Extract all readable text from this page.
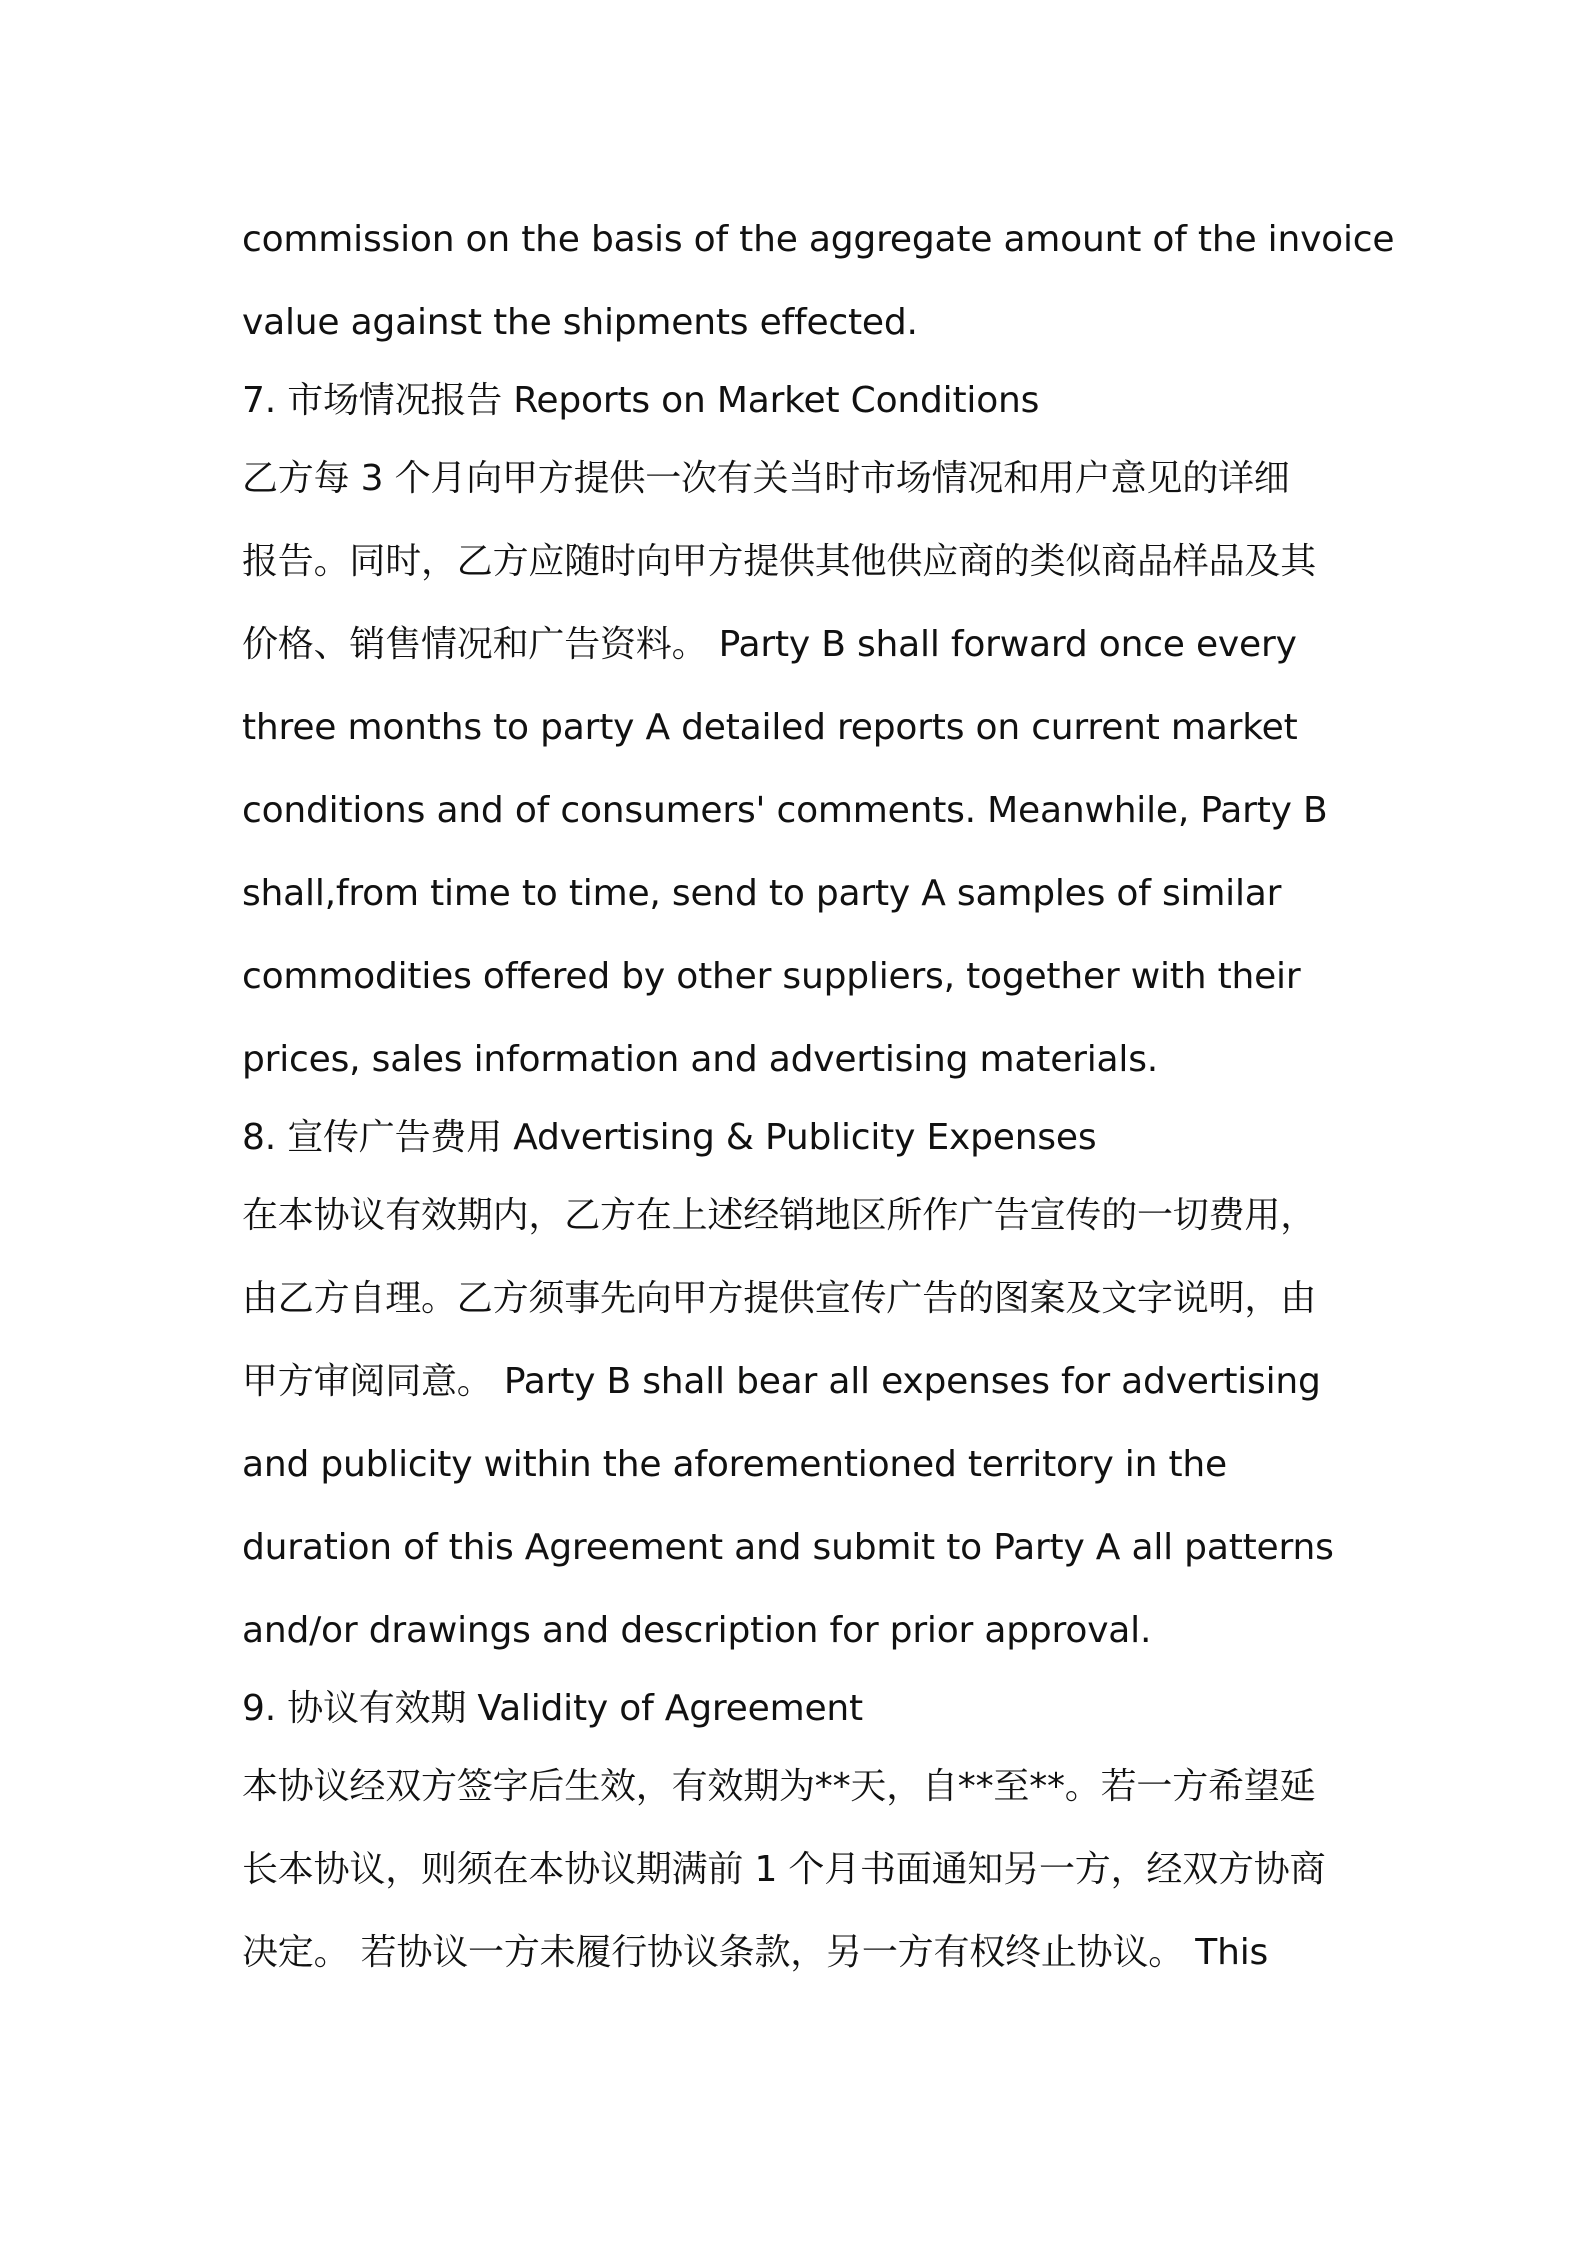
commission on the basis of the aggregate amount of the invoice
value against the shipments effected.
7. 市场情况报告 Reports on Market Conditions
乙方每 3 个月向甲方提供一次有关当时市场情况和用户意见的详细
报告。同时，乙方应随时向甲方提供其他供应商的类似商品样品及其
价格、销售情况和广告资料。 Party B shall forward once every
three months to party A detailed reports on current market
conditions and of consumers' comments. Meanwhile, Party B
shall,from time to time, send to party A samples of similar
commodities offered by other suppliers, together with their
prices, sales information and advertising materials.
8. 宣传广告费用 Advertising & Publicity Expenses
在本协议有效期内，乙方在上述经销地区所作广告宣传的一切费用，
由乙方自理。乙方须事先向甲方提供宣传广告的图案及文字说明，由
甲方审阅同意。 Party B shall bear all expenses for advertising
and publicity within the aforementioned territory in the
duration of this Agreement and submit to Party A all patterns
and/or drawings and description for prior approval.
9. 协议有效期 Validity of Agreement
本协议经双方签字后生效，有效期为**天，自**至**。若一方希望延
长本协议，则须在本协议期满前 1 个月书面通知另一方，经双方协商
决定。 若协议一方未履行协议条款，另一方有权终止协议。 This
